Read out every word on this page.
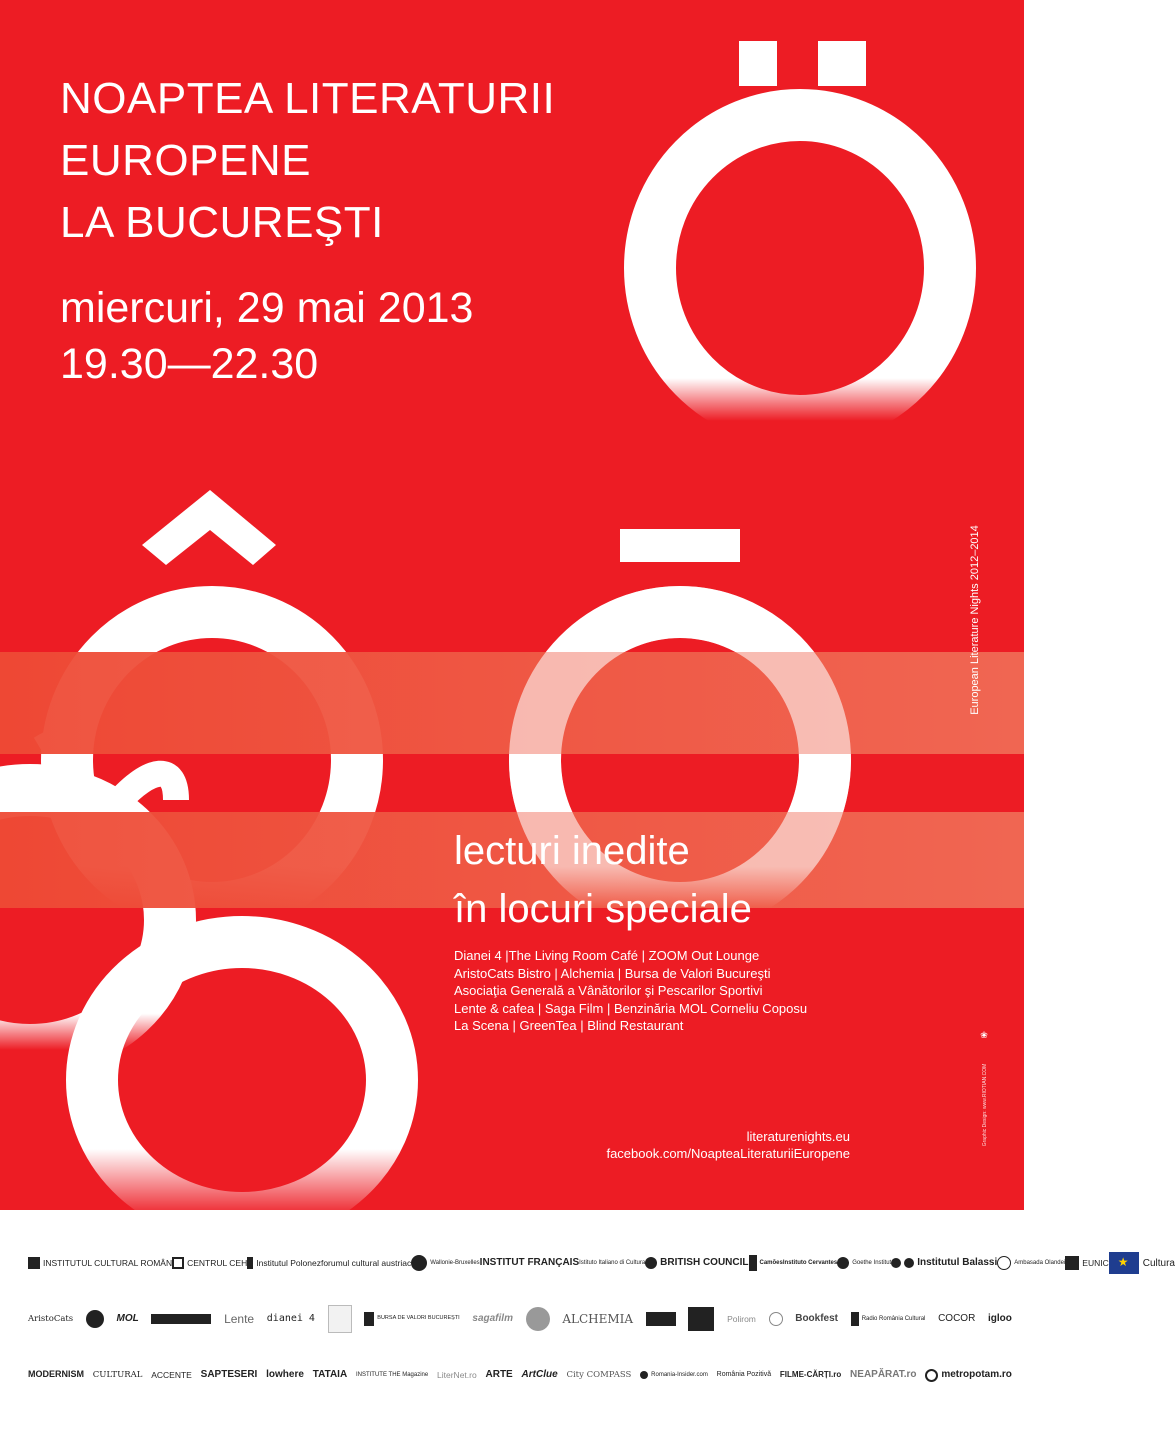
NOAPTEA LITERATURII
EUROPENE
LA BUCUREŞTI
miercuri, 29 mai 2013
19.30—22.30
European Literature Nights 2012–2014
lecturi inedite
în locuri speciale
Dianei 4 |The Living Room Café | ZOOM Out Lounge
AristoCats Bistro | Alchemia | Bursa de Valori Bucureşti
Asociaţia Generală a Vânătorilor şi Pescarilor Sportivi
Lente & cafea | Saga Film | Benzinăria MOL Corneliu Coposu
La Scena | GreenTea | Blind Restaurant
literaturenights.eu
facebook.com/NoapteaLiteraturiiEuropene
❀
Graphic Design: www.RIOTIAN.COM
INSTITUTUL CULTURAL ROMÂN CENTRUL CEH Institutul Polonez forumul cultural austriac	Wallonie-Bruxelles INSTITUT FRANÇAIS Istituto Italiano di Cultura BRITISH COUNCIL Camões Instituto Cervantes	Goethe Institut	Institutul Balassi	Ambasada Olandei EUNIC
★	Cultura
AristoCats	MOL	Lente dianei 4	BURSA DE VALORI BUCUREȘTI sagafilm	ALCHEMIA	Polirom	Bookfest	Radio România Cultural COCOR igloo
MODERNISM CULTURAL ACCENTE SAPTESERI lowhere TATAIA INSTITUTE THE Magazine LiterNet.ro ARTE ArtClue City COMPASS	Romania-Insider.com România Pozitivă FILME-CĂRȚI.ro NEAPĂRAT.ro metropotam.ro
